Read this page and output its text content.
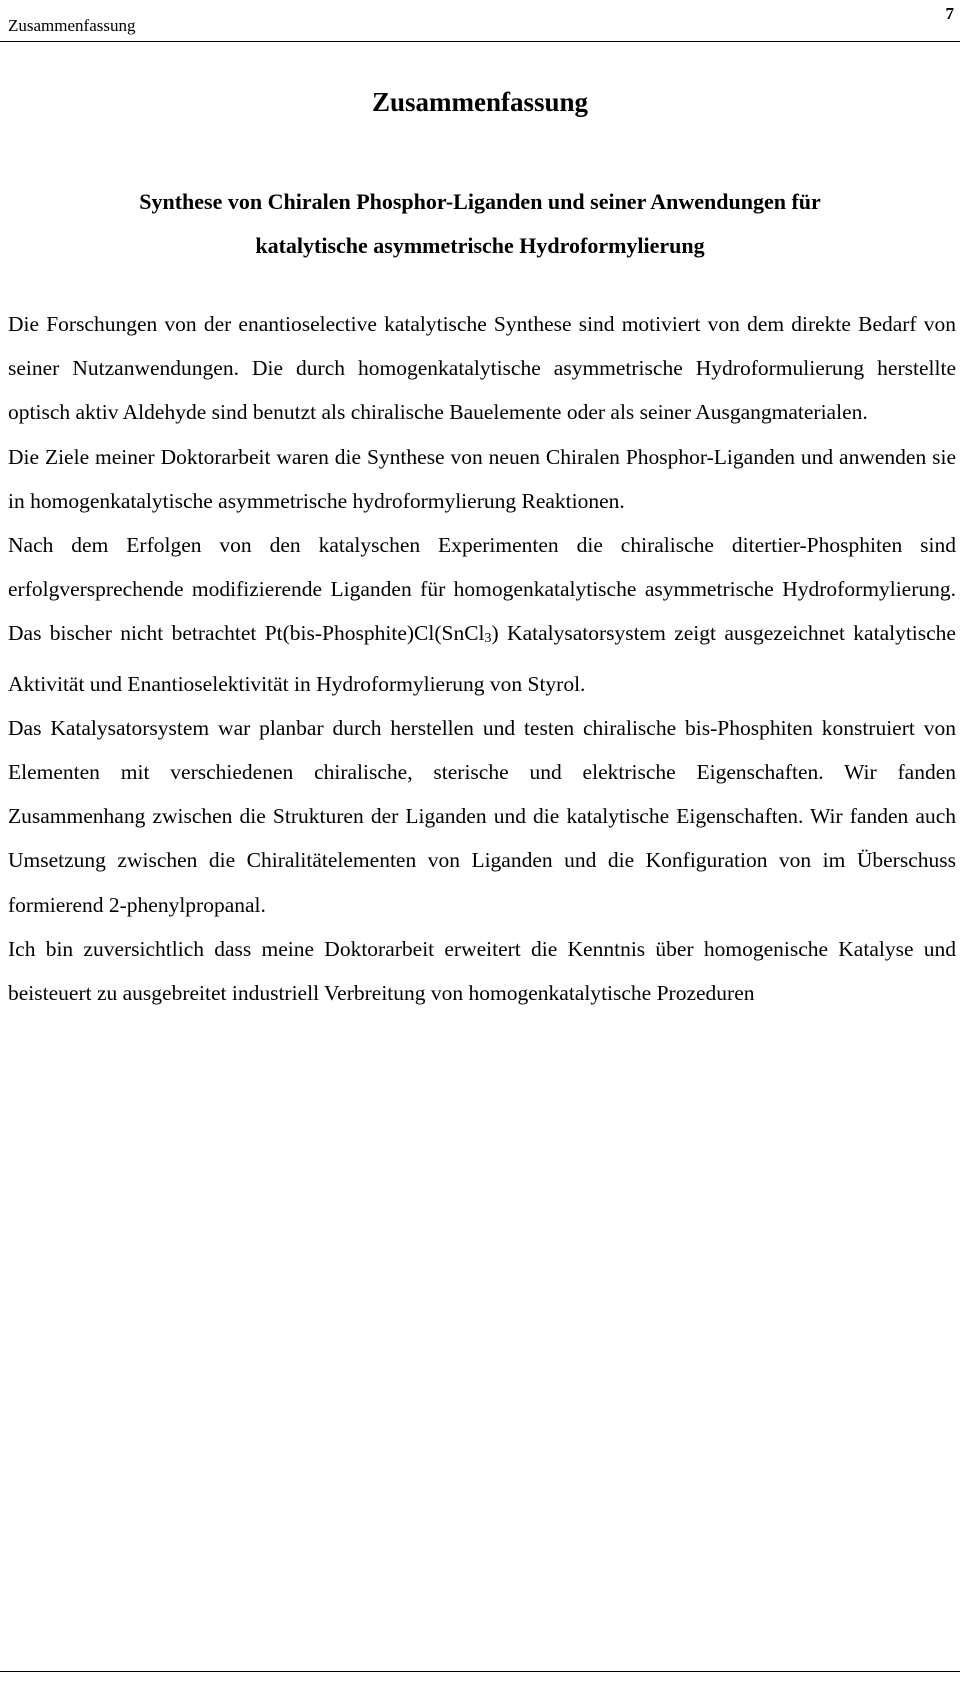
Zusammenfassung
7
Zusammenfassung
Synthese von Chiralen Phosphor-Liganden und seiner Anwendungen für
katalytische asymmetrische Hydroformylierung

Die Forschungen von der enantioselective katalytische Synthese sind motiviert von dem direkte Bedarf von seiner Nutzanwendungen. Die durch homogenkatalytische asymmetrische Hydroformulierung herstellte optisch aktiv Aldehyde sind benutzt als chiralische Bauelemente oder als seiner Ausgangmaterialen.

Die Ziele meiner Doktorarbeit waren die Synthese von neuen Chiralen Phosphor-Liganden und anwenden sie in homogenkatalytische asymmetrische hydroformylierung Reaktionen.

Nach dem Erfolgen von den katalyschen Experimenten die chiralische ditertier-Phosphiten sind erfolgversprechende modifizierende Liganden für homogenkatalytische asymmetrische Hydroformylierung. Das bischer nicht betrachtet Pt(bis-Phosphite)Cl(SnCl$_3$) Katalysatorsystem zeigt ausgezeichnet katalytische Aktivität und Enantioselektivität in Hydroformylierung von Styrol.

Das Katalysatorsystem war planbar durch herstellen und testen chiralische bis-Phosphiten konstruiert von Elementen mit verschiedenen chiralische, sterische und elektrische Eigenschaften. Wir fanden Zusammenhang zwischen die Strukturen der Liganden und die katalytische Eigenschaften. Wir fanden auch Umsetzung zwischen die Chiralitätelementen von Liganden und die Konfiguration von im Überschuss formierend 2-phenylpropanal.

Ich bin zuversichtlich dass meine Doktorarbeit erweitert die Kenntnis über homogenische Katalyse und beisteuert zu ausgebreitet industriell Verbreitung von homogenkatalytische Prozeduren
